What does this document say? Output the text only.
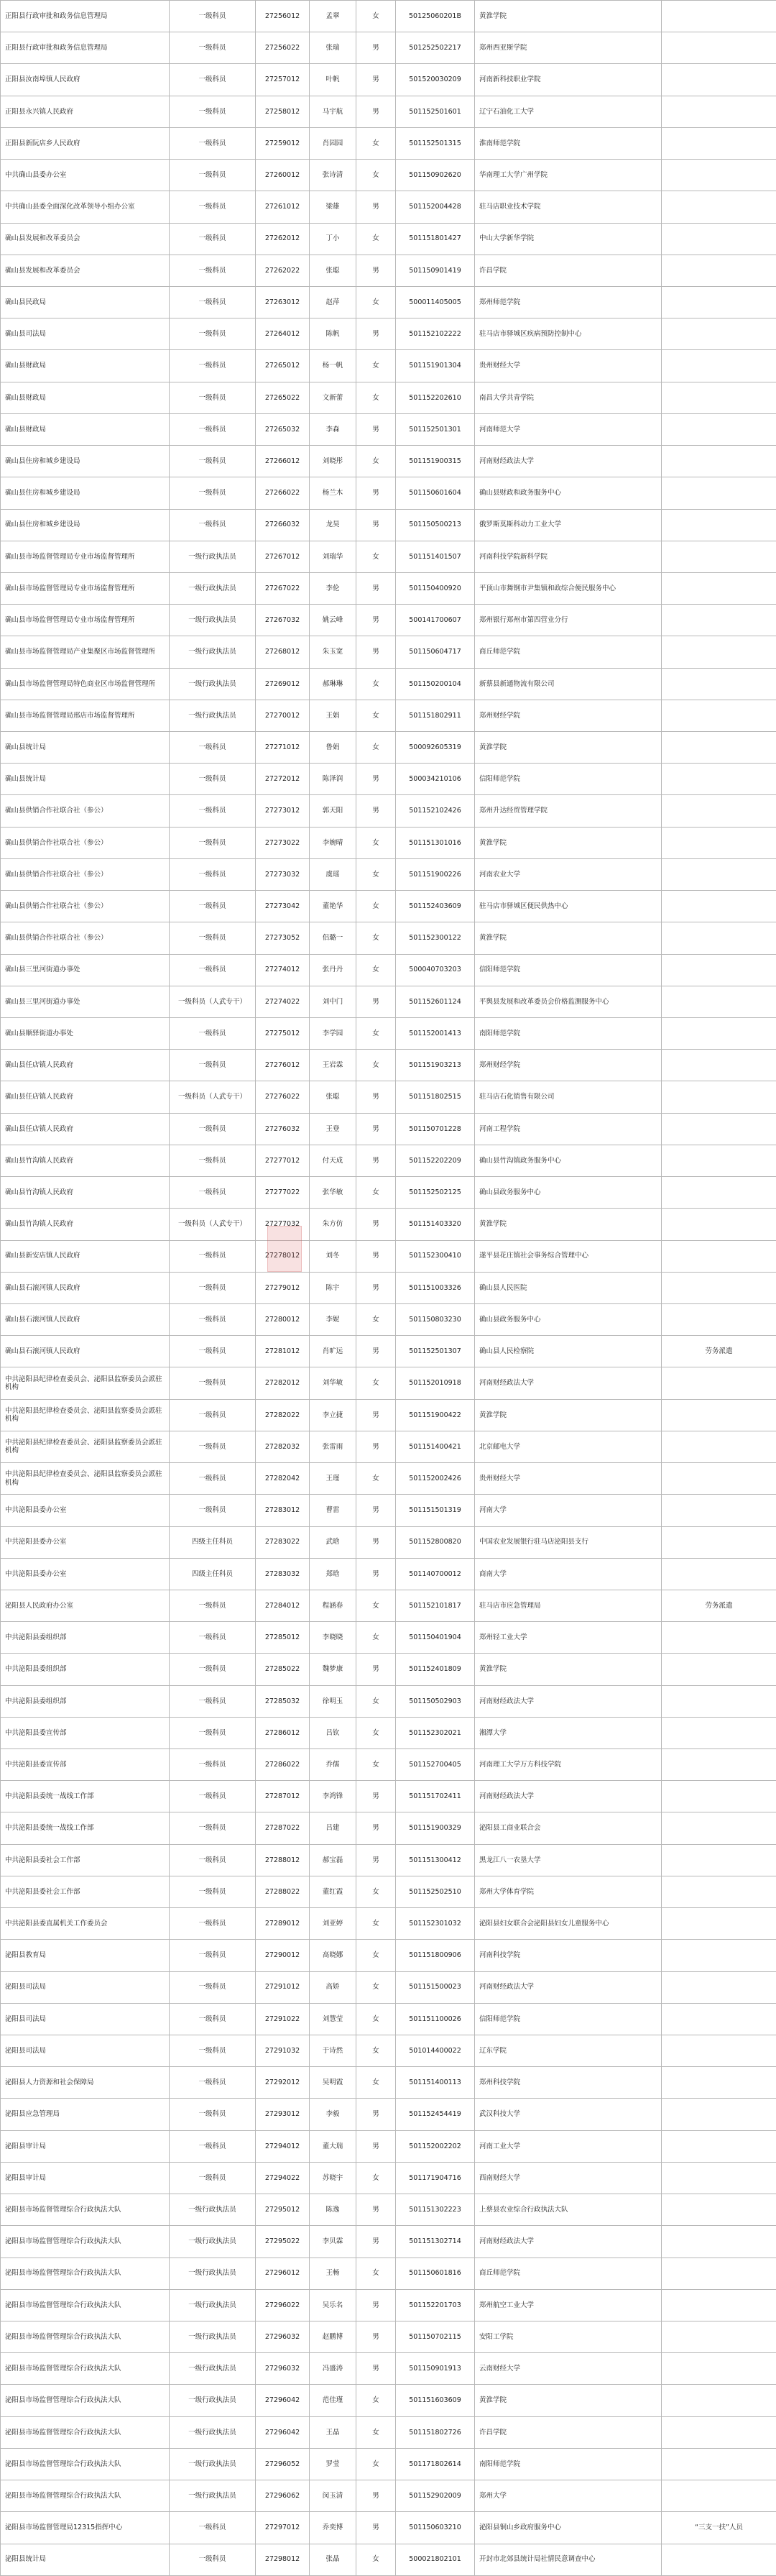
正阳县行政审批和政务信息管理局	一级科员	27256012	孟翠	女	50125060201B	黄淮学院	
正阳县行政审批和政务信息管理局	一级科员	27256022	张瑞	男	501252502217	郑州西亚斯学院	
正阳县汝南埠镇人民政府	一级科员	27257012	叶帆	男	501520030209	河南新科技职业学院	
正阳县永兴镇人民政府	一级科员	27258012	马宇航	男	501152501601	辽宁石油化工大学	
正阳县新阮店乡人民政府	一级科员	27259012	肖园园	女	501152501315	淮南师范学院	
中共确山县委办公室	一级科员	27260012	张诗清	女	501150902620	华南理工大学广州学院	
中共确山县委全面深化改革领导小组办公室	一级科员	27261012	梁雄	男	501152004428	驻马店职业技术学院	
确山县发展和改革委员会	一级科员	27262012	丁小	女	501151801427	中山大学新华学院	
确山县发展和改革委员会	一级科员	27262022	张聪	男	501150901419	许昌学院	
确山县民政局	一级科员	27263012	赵萍	女	500011405005	郑州师范学院	
确山县司法局	一级科员	27264012	陈帆	男	501152102222	驻马店市驿城区疾病预防控制中心	
确山县财政局	一级科员	27265012	杨一帆	女	501151901304	贵州财经大学	
确山县财政局	一级科员	27265022	文新蕾	女	501152202610	南昌大学共青学院	
确山县财政局	一级科员	27265032	李森	男	501152501301	河南师范大学	
确山县住房和城乡建设局	一级科员	27266012	刘晓彤	女	501151900315	河南财经政法大学	
确山县住房和城乡建设局	一级科员	27266022	杨兰木	男	501150601604	确山县财政和政务服务中心	
确山县住房和城乡建设局	一级科员	27266032	龙昊	男	501150500213	俄罗斯莫斯科动力工业大学	
确山县市场监督管理局专业市场监督管理所	一级行政执法员	27267012	刘瑞华	女	501151401507	河南科技学院新科学院	
确山县市场监督管理局专业市场监督管理所	一级行政执法员	27267022	李伦	男	501150400920	平顶山市舞钢市尹集镇和政综合便民服务中心	
确山县市场监督管理局专业市场监督管理所	一级行政执法员	27267032	姚云峰	男	500141700607	郑州银行郑州市第四营业分行	
确山县市场监督管理局产业集聚区市场监督管理所	一级行政执法员	27268012	朱玉宽	男	501150604717	商丘师范学院	
确山县市场监督管理局特色商业区市场监督管理所	一级行政执法员	27269012	郝琳琳	女	501150200104	新蔡县新通物流有限公司	
确山县市场监督管理局邢店市场监督管理所	一级行政执法员	27270012	王娟	女	501151802911	郑州财经学院	
确山县统计局	一级科员	27271012	鲁娟	女	500092605319	黄淮学院	
确山县统计局	一级科员	27272012	陈泽润	男	500034210106	信阳师范学院	
确山县供销合作社联合社（参公）	一级科员	27273012	郭天阳	男	501152102426	郑州升达经贸管理学院	
确山县供销合作社联合社（参公）	一级科员	27273022	李婉晴	女	501151301016	黄淮学院	
确山县供销合作社联合社（参公）	一级科员	27273032	虞瑶	女	501151900226	河南农业大学	
确山县供销合作社联合社（参公）	一级科员	27273042	董艳华	女	501152403609	驻马店市驿城区便民供热中心	
确山县供销合作社联合社（参公）	一级科员	27273052	侣璐一	女	501152300122	黄淮学院	
确山县三里河街道办事处	一级科员	27274012	张丹丹	女	500040703203	信阳师范学院	
确山县三里河街道办事处	一级科员（人武专干）	27274022	刘中门	男	501152601124	平舆县发展和改革委员会价格监测服务中心	
确山县顺驿街道办事处	一级科员	27275012	李学园	女	501152001413	南阳师范学院	
确山县任店镇人民政府	一级科员	27276012	王岩霖	女	501151903213	郑州财经学院	
确山县任店镇人民政府	一级科员（人武专干）	27276022	张聪	男	501151802515	驻马店石化销售有限公司	
确山县任店镇人民政府	一级科员	27276032	王登	男	501150701228	河南工程学院	
确山县竹沟镇人民政府	一级科员	27277012	付天成	男	501152202209	确山县竹沟镇政务服务中心	
确山县竹沟镇人民政府	一级科员	27277022	张华敏	女	501152502125	确山县政务服务中心	
确山县竹沟镇人民政府	一级科员（人武专干）	27277032	朱方仿	男	501151403320	黄淮学院	
确山县新安店镇人民政府	一级科员	27278012	刘冬	男	501152300410	遂平县花庄镇社会事务综合管理中心	
确山县石滚河镇人民政府	一级科员	27279012	陈宇	男	501151003326	确山县人民医院	
确山县石滚河镇人民政府	一级科员	27280012	李妮	女	501150803230	确山县政务服务中心	
确山县石滚河镇人民政府	一级科员	27281012	肖旷远	男	501152501307	确山县人民检察院	劳务派遣
中共泌阳县纪律检查委员会、泌阳县监察委员会派驻机构	一级科员	27282012	刘华敏	女	501152010918	河南财经政法大学	
中共泌阳县纪律检查委员会、泌阳县监察委员会派驻机构	一级科员	27282022	李立捷	男	501151900422	黄淮学院	
中共泌阳县纪律检查委员会、泌阳县监察委员会派驻机构	一级科员	27282032	张雷雨	男	501151400421	北京邮电大学	
中共泌阳县纪律检查委员会、泌阳县监察委员会派驻机构	一级科员	27282042	王瑾	女	501152002426	贵州财经大学	
中共泌阳县委办公室	一级科员	27283012	曹雷	男	501151501319	河南大学	
中共泌阳县委办公室	四级主任科员	27283022	武晗	男	501152800820	中国农业发展银行驻马店泌阳县支行	
中共泌阳县委办公室	四级主任科员	27283032	郑晗	男	501140700012	商南大学	
泌阳县人民政府办公室	一级科员	27284012	程涵春	女	501152101817	驻马店市应急管理局	劳务派遣
中共泌阳县委组织部	一级科员	27285012	李晓晓	女	501150401904	郑州轻工业大学	
中共泌阳县委组织部	一级科员	27285022	魏梦康	男	501152401809	黄淮学院	
中共泌阳县委组织部	一级科员	27285032	徐明玉	女	501150502903	河南财经政法大学	
中共泌阳县委宣传部	一级科员	27286012	吕钦	女	501152302021	湘潭大学	
中共泌阳县委宣传部	一级科员	27286022	乔儒	女	501152700405	河南理工大学万方科技学院	
中共泌阳县委统一战线工作部	一级科员	27287012	李鸿锋	男	501151702411	河南财经政法大学	
中共泌阳县委统一战线工作部	一级科员	27287022	吕建	男	501151900329	泌阳县工商业联合会	
中共泌阳县委社会工作部	一级科员	27288012	郝宝磊	男	501151300412	黑龙江八一农垦大学	
中共泌阳县委社会工作部	一级科员	27288022	董红霞	女	501152502510	郑州大学体育学院	
中共泌阳县委直属机关工作委员会	一级科员	27289012	刘亚婷	女	501152301032	泌阳县妇女联合会泌阳县妇女儿童服务中心	
泌阳县教育局	一级科员	27290012	高晓娜	女	501151800906	河南科技学院	
泌阳县司法局	一级科员	27291012	高娇	女	501151500023	河南财经政法大学	
泌阳县司法局	一级科员	27291022	刘慧莹	女	501151100026	信阳师范学院	
泌阳县司法局	一级科员	27291032	于诗然	女	501014400022	辽东学院	
泌阳县人力资源和社会保障局	一级科员	27292012	吴明霞	女	501151400113	郑州科技学院	
泌阳县应急管理局	一级科员	27293012	李毅	男	501152454419	武汉科技大学	
泌阳县审计局	一级科员	27294012	董大瑞	男	501152002202	河南工业大学	
泌阳县审计局	一级科员	27294022	苏晓宇	女	501171904716	西南财经大学	
泌阳县市场监督管理综合行政执法大队	一级行政执法员	27295012	陈逸	男	501151302223	上蔡县农业综合行政执法大队	
泌阳县市场监督管理综合行政执法大队	一级行政执法员	27295022	李贝霖	男	501151302714	河南财经政法大学	
泌阳县市场监督管理综合行政执法大队	一级行政执法员	27296012	王畅	女	501150601816	商丘师范学院	
泌阳县市场监督管理综合行政执法大队	一级行政执法员	27296022	吴乐名	男	501152201703	郑州航空工业大学	
泌阳县市场监督管理综合行政执法大队	一级行政执法员	27296032	赵鹏博	男	501150702115	安阳工学院	
泌阳县市场监督管理综合行政执法大队	一级行政执法员	27296032	冯盛涛	男	501150901913	云南财经大学	
泌阳县市场监督管理综合行政执法大队	一级行政执法员	27296042	范佳瑾	女	501151603609	黄淮学院	
泌阳县市场监督管理综合行政执法大队	一级行政执法员	27296042	王晶	女	501151802726	许昌学院	
泌阳县市场监督管理综合行政执法大队	一级行政执法员	27296052	罗莹	女	501171802614	南阳师范学院	
泌阳县市场监督管理综合行政执法大队	一级行政执法员	27296062	闵玉清	男	501152902009	郑州大学	
泌阳县市场监督管理局12315指挥中心	一级科员	27297012	乔奕博	男	501150603210	泌阳县铜山乡政府服务中心	“三支一扶”人员
泌阳县统计局	一级科员	27298012	张晶	女	500021802101	开封市北郊县统计局社情民意调查中心	
